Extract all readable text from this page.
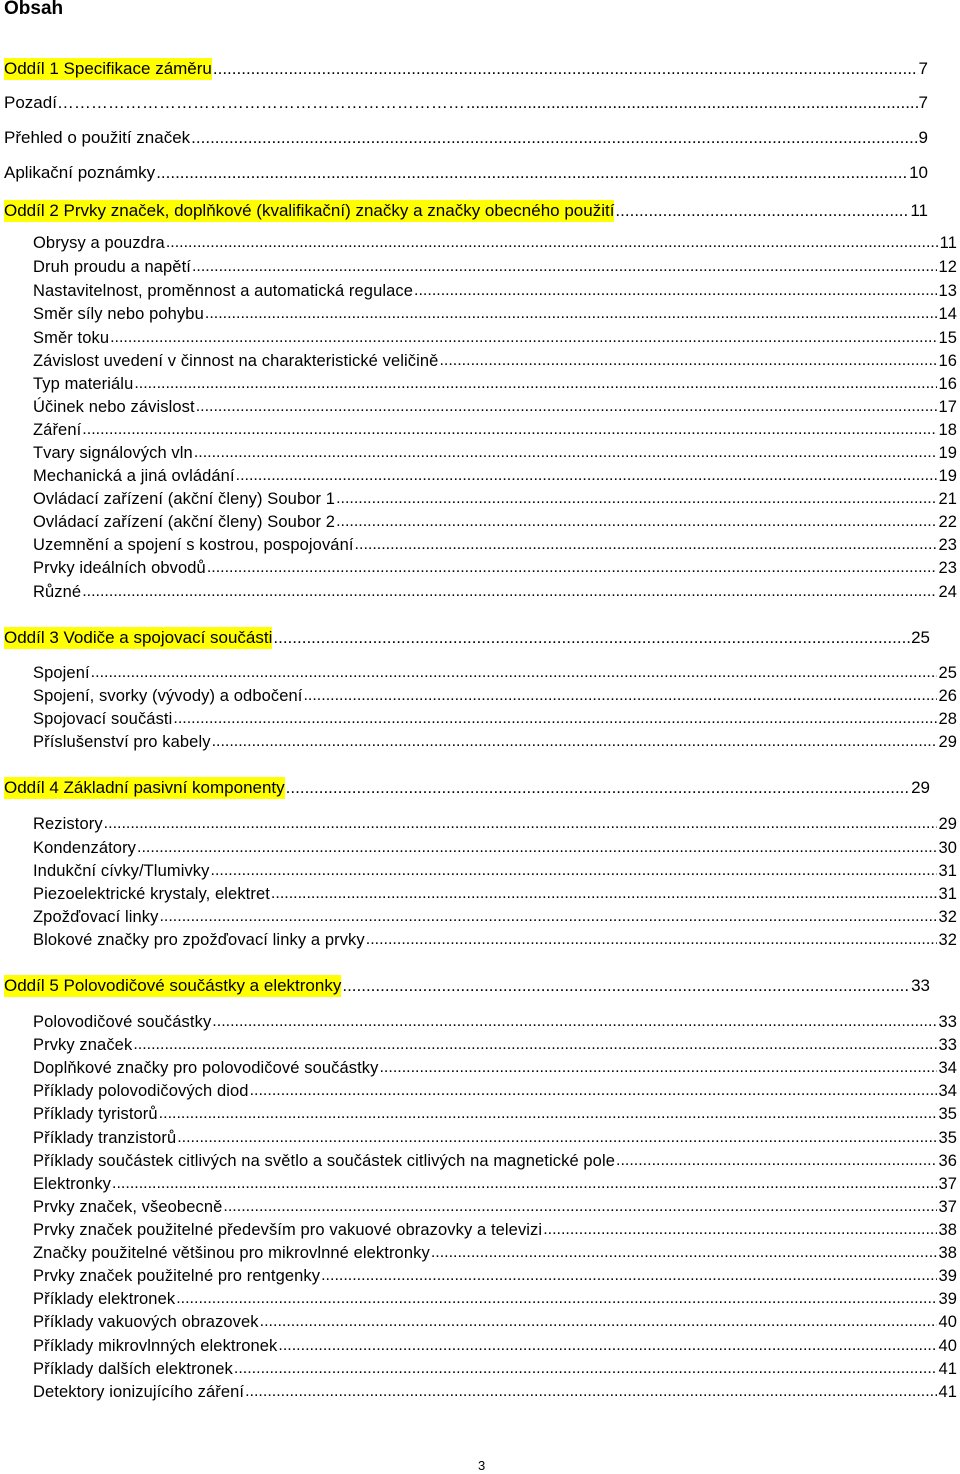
Obsah
Oddíl 1 Specifikace záměru .....	7
Pozadí……………………………………………………………… .....	7
Přehled o použití značek .....	9
Aplikační poznámky .....	10
Oddíl 2 Prvky značek, doplňkové (kvalifikační) značky a značky obecného použití .....	11
Obrysy a pouzdra .....	11
Druh proudu a napětí .....	12
Nastavitelnost, proměnnost a automatická regulace .....	13
Směr síly nebo pohybu .....	14
Směr toku .....	15
Závislost uvedení v činnost na charakteristické veličině .....	16
Typ materiálu .....	16
Účinek nebo závislost .....	17
Záření .....	18
Tvary signálových vln .....	19
Mechanická a jiná ovládání .....	19
Ovládací zařízení (akční členy) Soubor 1 .....	21
Ovládací zařízení (akční členy) Soubor 2 .....	22
Uzemnění a spojení s kostrou, pospojování .....	23
Prvky ideálních obvodů .....	23
Různé .....	24
Oddíl 3 Vodiče a spojovací součásti .....	25
Spojení .....	25
Spojení, svorky (vývody) a odbočení .....	26
Spojovací součásti .....	28
Příslušenství pro kabely .....	29
Oddíl 4 Základní pasivní komponenty .....	29
Rezistory .....	29
Kondenzátory .....	30
Indukční cívky/Tlumivky .....	31
Piezoelektrické krystaly, elektret .....	31
Zpožďovací linky .....	32
Blokové značky pro zpožďovací linky a prvky .....	32
Oddíl 5 Polovodičové součástky a elektronky .....	33
Polovodičové součástky .....	33
Prvky značek .....	33
Doplňkové značky pro polovodičové součástky .....	34
Příklady polovodičových diod .....	34
Příklady tyristorů .....	35
Příklady tranzistorů .....	35
Příklady součástek citlivých na světlo a součástek citlivých na magnetické pole .....	36
Elektronky .....	37
Prvky značek, všeobecně .....	37
Prvky značek použitelné především pro vakuové obrazovky a televizi .....	38
Značky použitelné většinou pro mikrovlnné elektronky .....	38
Prvky značek použitelné pro rentgenky .....	39
Příklady elektronek .....	39
Příklady vakuových obrazovek .....	40
Příklady mikrovlnných elektronek .....	40
Příklady dalších elektronek .....	41
Detektory ionizujícího záření .....	41
3
